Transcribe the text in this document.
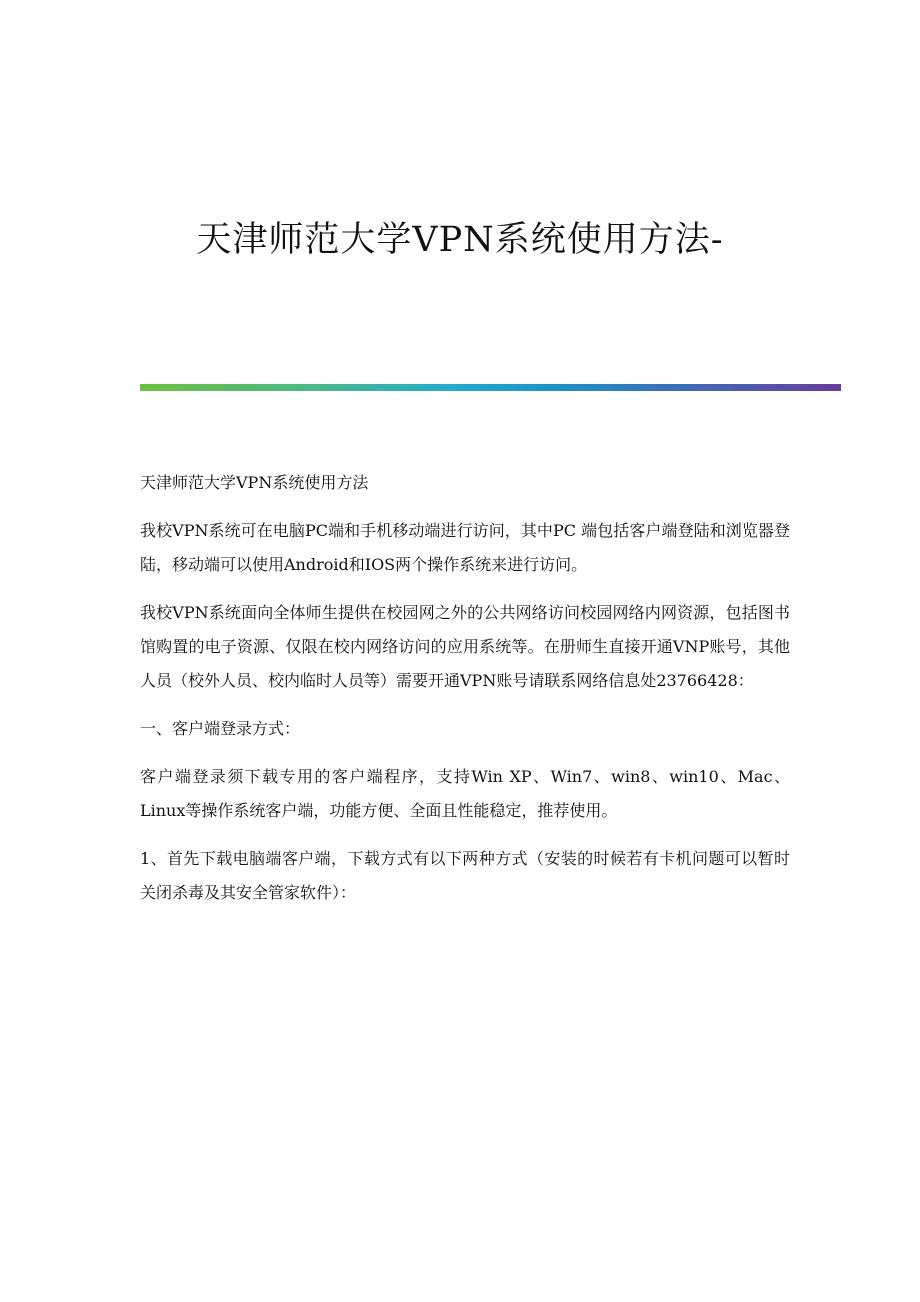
天津师范大学VPN系统使用方法-

天津师范大学VPN系统使用方法

我校VPN系统可在电脑PC端和手机移动端进行访问，其中PC 端包括客户端登陆和浏览器登陆，移动端可以使用Android和IOS两个操作系统来进行访问。

我校VPN系统面向全体师生提供在校园网之外的公共网络访问校园网络内网资源，包括图书馆购置的电子资源、仅限在校内网络访问的应用系统等。在册师生直接开通VNP账号，其他人员（校外人员、校内临时人员等）需要开通VPN账号请联系网络信息处23766428：

一、客户端登录方式：

客户端登录须下载专用的客户端程序，支持Win XP、Win7、win8、win10、Mac、Linux等操作系统客户端，功能方便、全面且性能稳定，推荐使用。

1、首先下载电脑端客户端，下载方式有以下两种方式（安装的时候若有卡机问题可以暂时关闭杀毒及其安全管家软件）：
